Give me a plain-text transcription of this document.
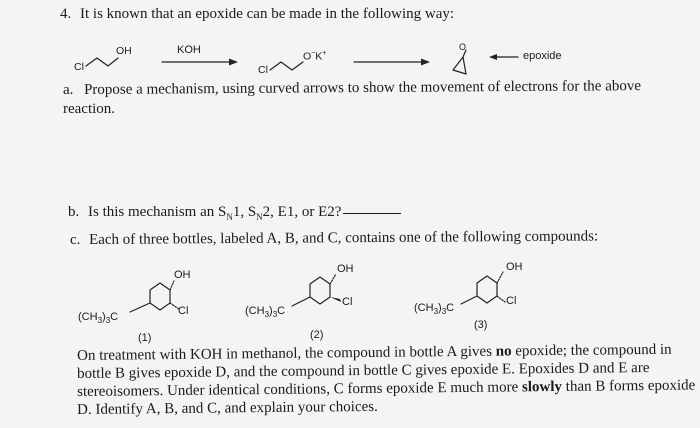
4. It is known that an epoxide can be made in the following way:
Cl
OH	KOH
Cl
O−K+
O
epoxide
a. Propose a mechanism, using curved arrows to show the movement of electrons for the above
reaction.
b. Is this mechanism an $S_N1$, $S_N2$, E1, or E2?
c. Each of three bottles, labeled A, B, and C, contains one of the following compounds:
OH
Cl
$(CH_3)_3C$
(1)
OH
Cl
$(CH_3)_3C$
(2)
OH
Cl
$(CH_3)_3C$
(3)
On treatment with KOH in methanol, the compound in bottle A gives no epoxide; the compound in
bottle B gives epoxide D, and the compound in bottle C gives epoxide E. Epoxides D and E are
stereoisomers. Under identical conditions, C forms epoxide E much more slowly than B forms epoxide
D. Identify A, B, and C, and explain your choices.
